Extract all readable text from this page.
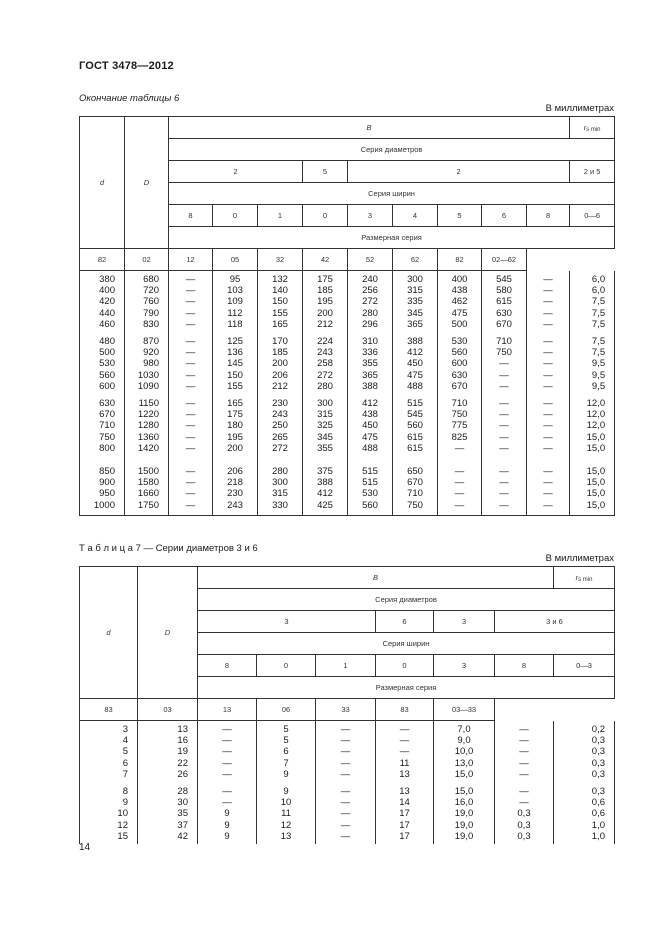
ГОСТ 3478—2012
Окончание таблицы 6
В миллиметрах
d	D	B									$r_{s min}$
		Серия диаметров									
		2			5	2					2 и 5
		Серия ширин									
		8	0	1	0	3	4	5	6	8	0—6
		Размерная серия									
82	02	12	05	32	42	52	62	82	02—62		
380	680	—	95	132	175	240	300	400	545	—	6,0
400	720	—	103	140	185	256	315	438	580	—	6,0
420	760	—	109	150	195	272	335	462	615	—	7,5
440	790	—	112	155	200	280	345	475	630	—	7,5
460	830	—	118	165	212	296	365	500	670	—	7,5
480	870	—	125	170	224	310	388	530	710	—	7,5
500	920	—	136	185	243	336	412	560	750	—	7,5
530	980	—	145	200	258	355	450	600	—	—	9,5
560	1030	—	150	206	272	365	475	630	—	—	9,5
600	1090	—	155	212	280	388	488	670	—	—	9,5
630	1150	—	165	230	300	412	515	710	—	—	12,0
670	1220	—	175	243	315	438	545	750	—	—	12,0
710	1280	—	180	250	325	450	560	775	—	—	12,0
750	1360	—	195	265	345	475	615	825	—	—	15,0
800	1420	—	200	272	355	488	615	—	—	—	15,0
850	1500	—	206	280	375	515	650	—	—	—	15,0
900	1580	—	218	300	388	515	670	—	—	—	15,0
950	1660	—	230	315	412	530	710	—	—	—	15,0
1000	1750	—	243	330	425	560	750	—	—	—	15,0
Т а б л и ц а 7 — Серии диаметров 3 и 6
В миллиметрах
d	D	B						$r_{s min}$
		Серия диаметров						
		3			6	3	3 и 6	
		Серия ширин						
		8	0	1	0	3	8	0—3
		Размерная серия						
83	03	13	06	33	83	03—33		
3	13	—	5	—	—	7,0	—	0,2
4	16	—	5	—	—	9,0	—	0,3
5	19	—	6	—	—	10,0	—	0,3
6	22	—	7	—	11	13,0	—	0,3
7	26	—	9	—	13	15,0	—	0,3
8	28	—	9	—	13	15,0	—	0,3
9	30	—	10	—	14	16,0	—	0,6
10	35	9	11	—	17	19,0	0,3	0,6
12	37	9	12	—	17	19,0	0,3	1,0
15	42	9	13	—	17	19,0	0,3	1,0
14
